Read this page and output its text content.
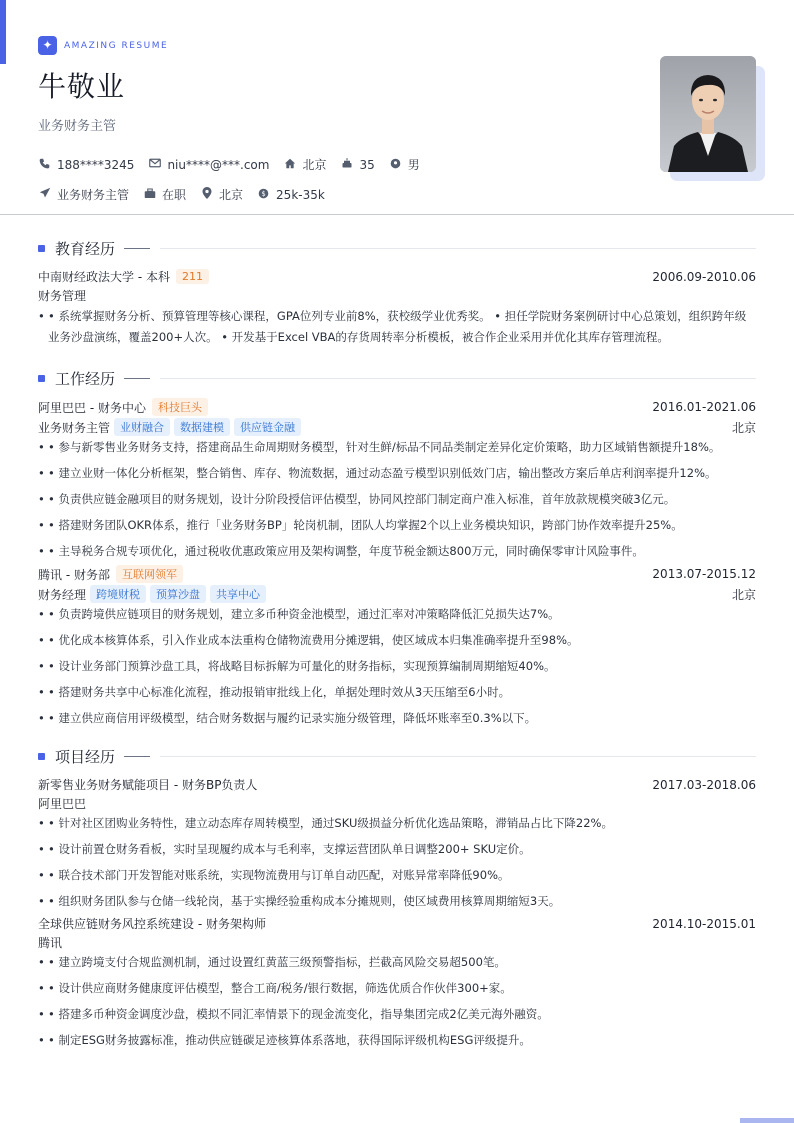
✦	AMAZING RESUME
牛敬业
业务财务主管
188****3245	niu****@***.com	北京	35	男
业务财务主管	在职	北京 $ 25k-35k
教育经历
中南财经政法大学 - 本科	211	2006.09-2010.06
财务管理
• • 系统掌握财务分析、预算管理等核心课程，GPA位列专业前8%，获校级学业优秀奖。 • 担任学院财务案例研讨中心总策划，组织跨年级业务沙盘演练，覆盖200+人次。 • 开发基于Excel VBA的存货周转率分析模板，被合作企业采用并优化其库存管理流程。
工作经历
阿里巴巴 - 财务中心	科技巨头	2016.01-2021.06
业务财务主管 业财融合	数据建模	供应链金融	北京
• • 参与新零售业务财务支持，搭建商品生命周期财务模型，针对生鲜/标品不同品类制定差异化定价策略，助力区域销售额提升18%。
• • 建立业财一体化分析框架，整合销售、库存、物流数据，通过动态盈亏模型识别低效门店，输出整改方案后单店利润率提升12%。
• • 负责供应链金融项目的财务规划，设计分阶段授信评估模型，协同风控部门制定商户准入标准，首年放款规模突破3亿元。
• • 搭建财务团队OKR体系，推行「业务财务BP」轮岗机制，团队人均掌握2个以上业务模块知识，跨部门协作效率提升25%。
• • 主导税务合规专项优化，通过税收优惠政策应用及架构调整，年度节税金额达800万元，同时确保零审计风险事件。
腾讯 - 财务部	互联网领军	2013.07-2015.12
财务经理 跨境财税	预算沙盘	共享中心	北京
• • 负责跨境供应链项目的财务规划，建立多币种资金池模型，通过汇率对冲策略降低汇兑损失达7%。
• • 优化成本核算体系，引入作业成本法重构仓储物流费用分摊逻辑，使区域成本归集准确率提升至98%。
• • 设计业务部门预算沙盘工具，将战略目标拆解为可量化的财务指标，实现预算编制周期缩短40%。
• • 搭建财务共享中心标准化流程，推动报销审批线上化，单据处理时效从3天压缩至6小时。
• • 建立供应商信用评级模型，结合财务数据与履约记录实施分级管理，降低坏账率至0.3%以下。
项目经历
新零售业务财务赋能项目 - 财务BP负责人	2017.03-2018.06
阿里巴巴
• • 针对社区团购业务特性，建立动态库存周转模型，通过SKU级损益分析优化选品策略，滞销品占比下降22%。
• • 设计前置仓财务看板，实时呈现履约成本与毛利率，支撑运营团队单日调整200+ SKU定价。
• • 联合技术部门开发智能对账系统，实现物流费用与订单自动匹配，对账异常率降低90%。
• • 组织财务团队参与仓储一线轮岗，基于实操经验重构成本分摊规则，使区域费用核算周期缩短3天。
全球供应链财务风控系统建设 - 财务架构师	2014.10-2015.01
腾讯
• • 建立跨境支付合规监测机制，通过设置红黄蓝三级预警指标，拦截高风险交易超500笔。
• • 设计供应商财务健康度评估模型，整合工商/税务/银行数据，筛选优质合作伙伴300+家。
• • 搭建多币种资金调度沙盘，模拟不同汇率情景下的现金流变化，指导集团完成2亿美元海外融资。
• • 制定ESG财务披露标准，推动供应链碳足迹核算体系落地，获得国际评级机构ESG评级提升。
